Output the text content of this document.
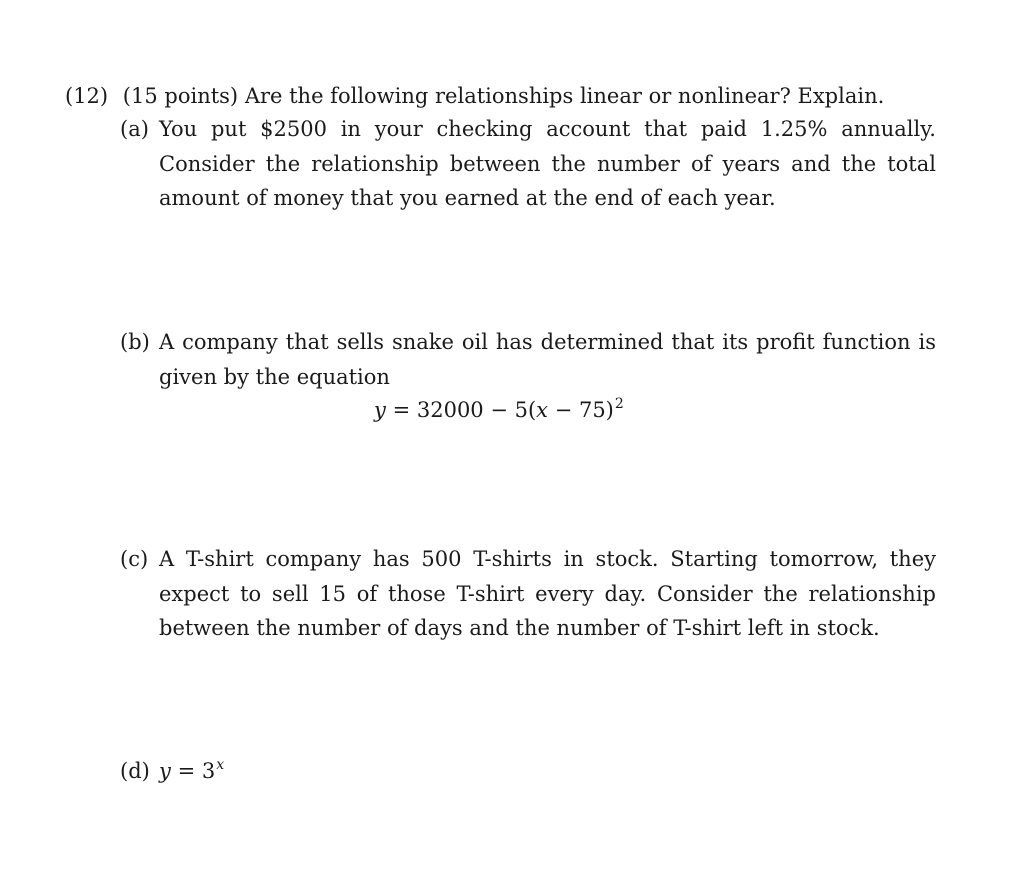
(12) (15 points) Are the following relationships linear or nonlinear? Explain.
(a) You put $2500 in your checking account that paid 1.25% annually. Consider the relationship between the number of years and the total amount of money that you earned at the end of each year.
(b) A company that sells snake oil has determined that its profit function is given by the equation
$y = 32000 - 5(x - 75)^2$
(c) A T-shirt company has 500 T-shirts in stock. Starting tomorrow, they expect to sell 15 of those T-shirt every day. Consider the relationship between the number of days and the number of T-shirt left in stock.
(d) $y = 3^x$
